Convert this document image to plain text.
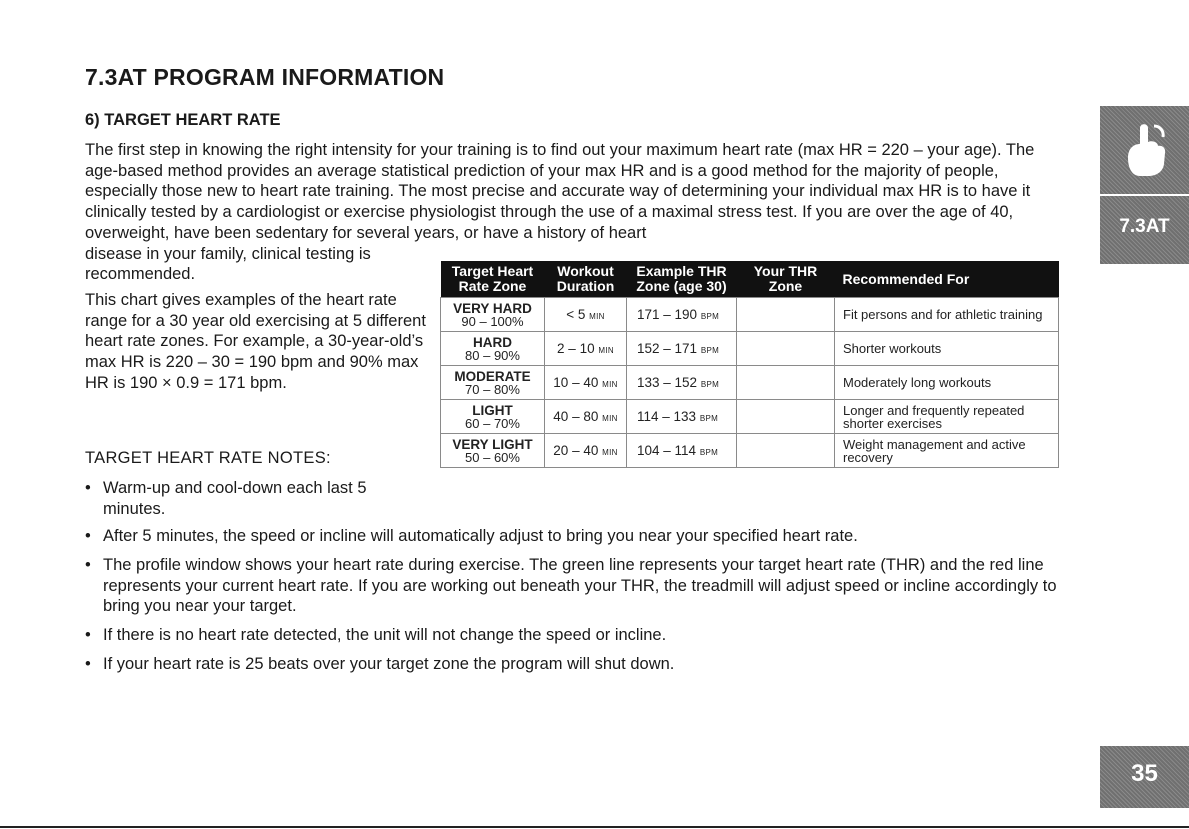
7.3AT PROGRAM INFORMATION
6) TARGET HEART RATE

The first step in knowing the right intensity for your training is to find out your maximum heart rate (max HR = 220 – your age). The age-based method provides an average statistical prediction of your max HR and is a good method for the majority of people, especially those new to heart rate training. The most precise and accurate way of determining your individual max HR is to have it clinically tested by a cardiologist or exercise physiologist through the use of a maximal stress test. If you are over the age of 40, overweight, have been sedentary for several years, or have a history of heart

disease in your family, clinical testing is

recommended.

This chart gives examples of the heart rate range for a 30 year old exercising at 5 different heart rate zones. For example, a 30-year-old’s max HR is 220 – 30 = 190 bpm and 90% max HR is 190 × 0.9 = 171 bpm.

Target Heart Rate Zone	Workout Duration	Example THR Zone (age 30)	Your THR Zone	Recommended For

VERY HARD
90 – 100%	< 5 MIN	171 – 190 BPM		Fit persons and for athletic training

HARD
80 – 90%	2 – 10 MIN	152 – 171 BPM		Shorter workouts

MODERATE
70 – 80%	10 – 40 MIN	133 – 152 BPM		Moderately long workouts

LIGHT
60 – 70%	40 – 80 MIN	114 – 133 BPM		Longer and frequently repeated shorter exercises

VERY LIGHT
50 – 60%	20 – 40 MIN	104 – 114 BPM		Weight management and active recovery

TARGET HEART RATE NOTES:

• Warm-up and cool-down each last 5 minutes.
• After 5 minutes, the speed or incline will automatically adjust to bring you near your specified heart rate.
• The profile window shows your heart rate during exercise. The green line represents your target heart rate (THR) and the red line represents your current heart rate. If you are working out beneath your THR, the treadmill will adjust speed or incline accordingly to bring you near your target.
• If there is no heart rate detected, the unit will not change the speed or incline.
• If your heart rate is 25 beats over your target zone the program will shut down.
7.3AT
35
